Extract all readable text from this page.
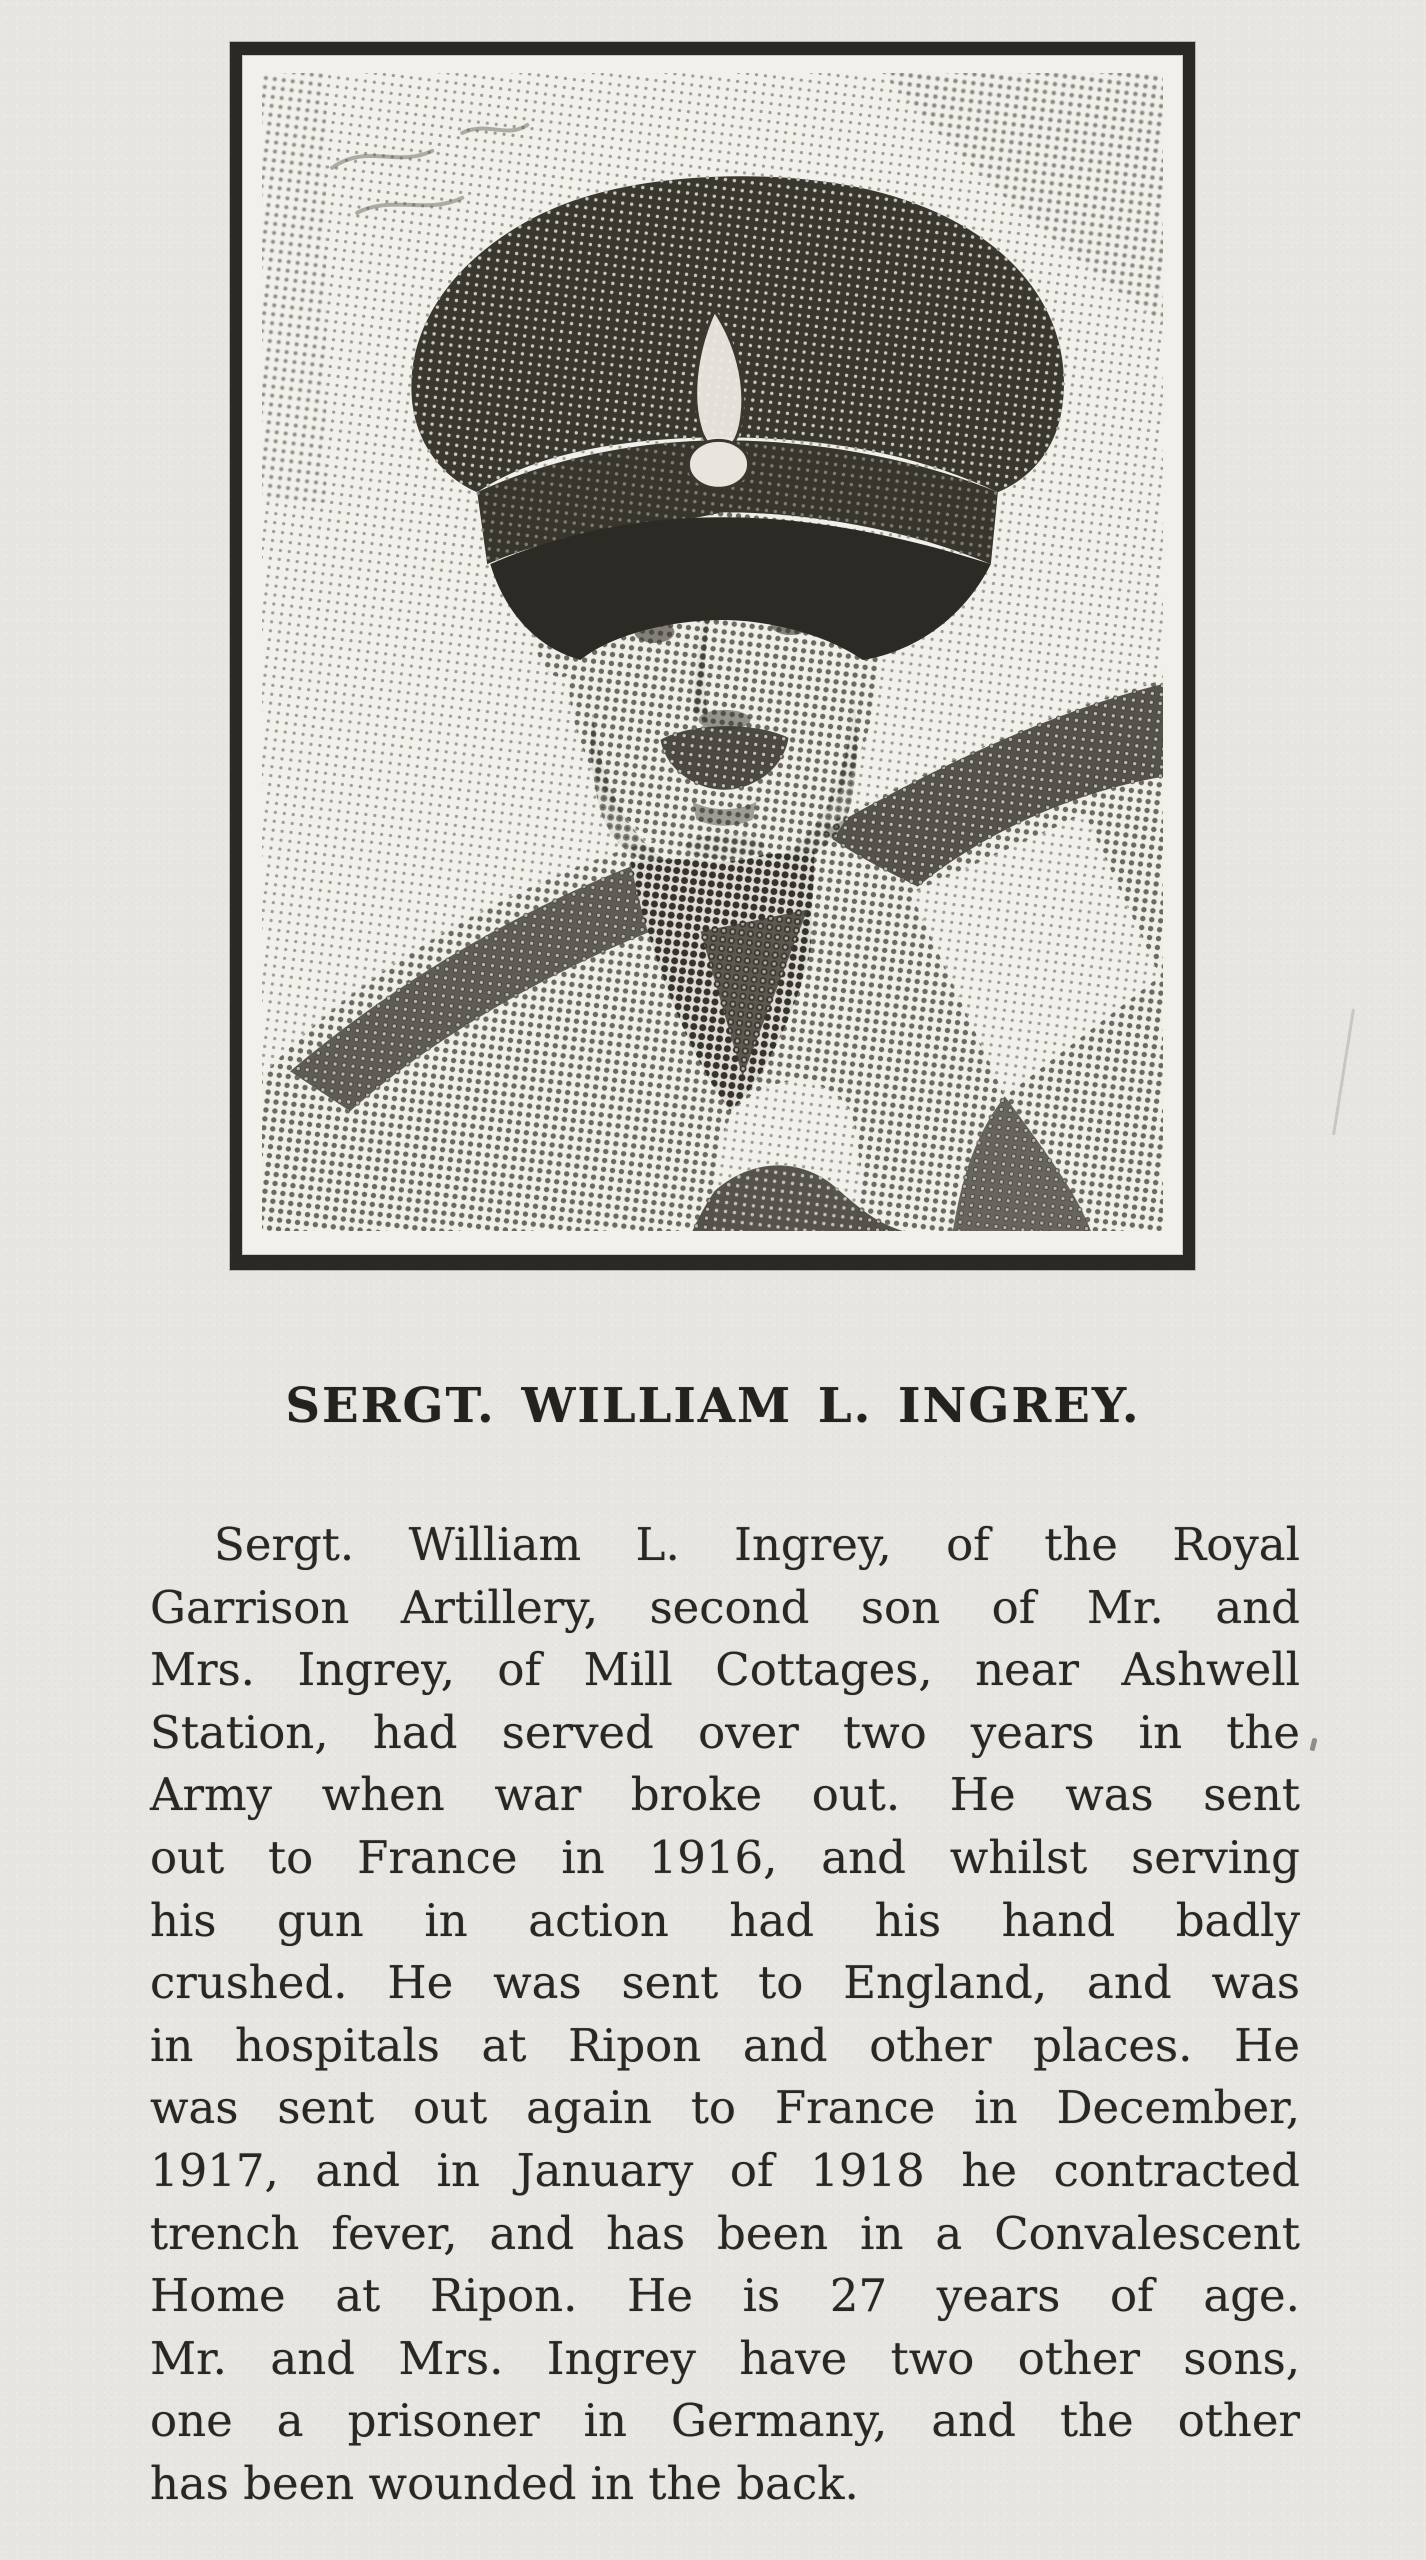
SERGT. WILLIAM L. INGREY.
Sergt. William L. Ingrey, of the Royal
Garrison Artillery, second son of Mr. and
Mrs. Ingrey, of Mill Cottages, near Ashwell
Station, had served over two years in the
Army when war broke out. He was sent
out to France in 1916, and whilst serving
his gun in action had his hand badly
crushed. He was sent to England, and was
in hospitals at Ripon and other places. He
was sent out again to France in December,
1917, and in January of 1918 he contracted
trench fever, and has been in a Convalescent
Home at Ripon. He is 27 years of age.
Mr. and Mrs. Ingrey have two other sons,
one a prisoner in Germany, and the other
has been wounded in the back.
